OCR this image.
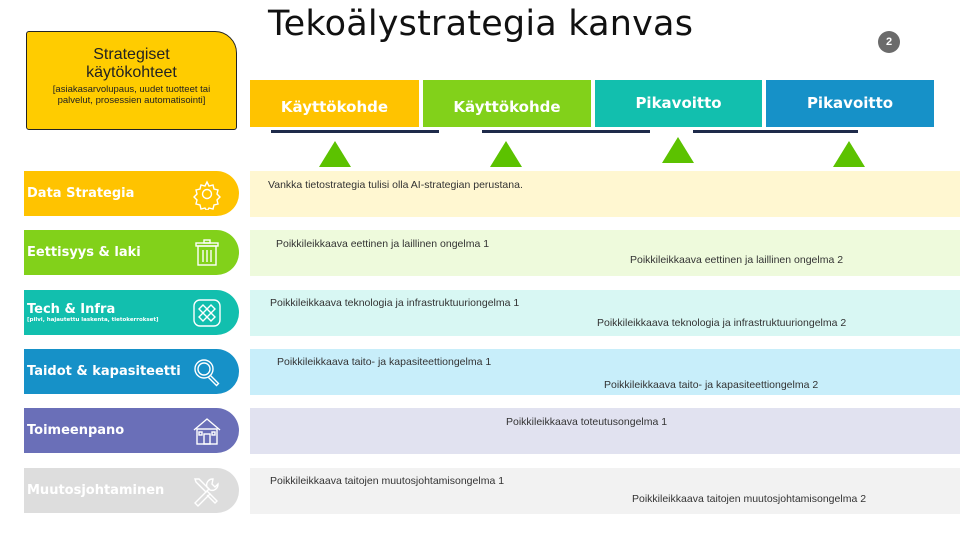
Tekoälystrategia kanvas	2
Strategiset käytökohteet
[asiakasarvolupaus, uudet tuotteet tai palvelut, prosessien automatisointi]	Käyttökohde	Käyttökohde	Pikavoitto	Pikavoitto
Data Strategia
Vankka tietostrategia tulisi olla AI-strategian perustana.
Eettisyys & laki
Poikkileikkaava eettinen ja laillinen ongelma 1
Poikkileikkaava eettinen ja laillinen ongelma 2
Tech & Infra
[pilvi, hajautettu laskenta, tietokerrokset]
Poikkileikkaava teknologia ja infrastruktuuriongelma 1
Poikkileikkaava teknologia ja infrastruktuuriongelma 2
Taidot & kapasiteetti
Poikkileikkaava taito- ja kapasiteettiongelma 1
Poikkileikkaava taito- ja kapasiteettiongelma 2
Toimeenpano
Poikkileikkaava toteutusongelma 1
Muutosjohtaminen
Poikkileikkaava taitojen muutosjohtamisongelma 1
Poikkileikkaava taitojen muutosjohtamisongelma 2
